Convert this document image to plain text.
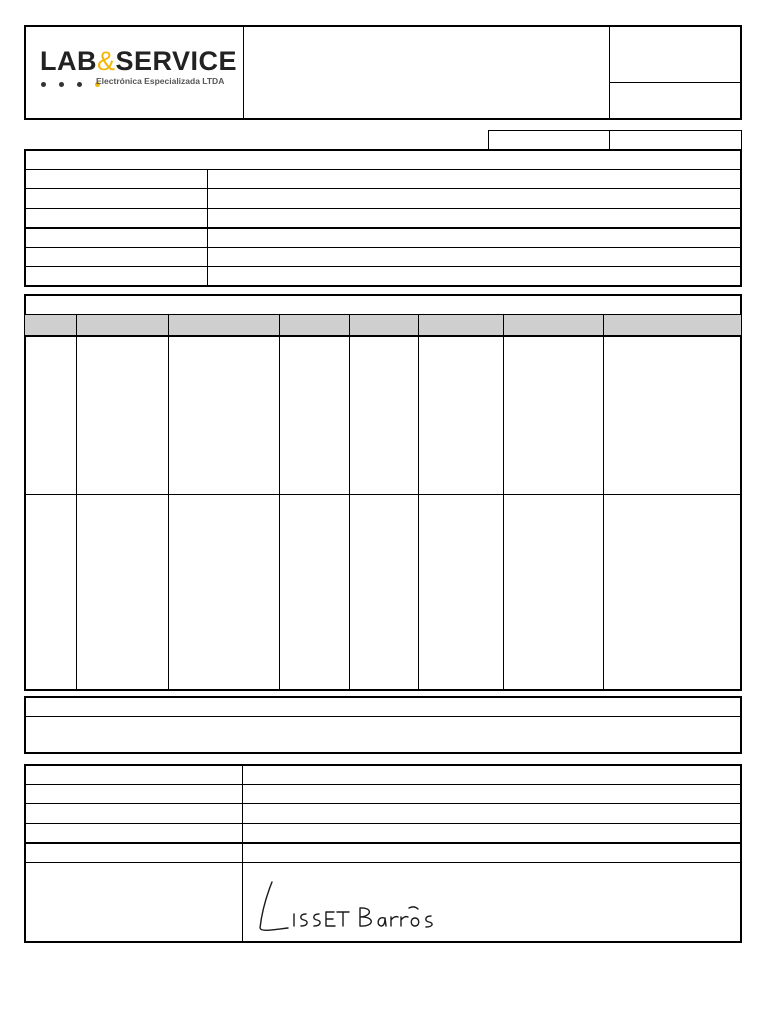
LAB&SERVICE
Electrónica Especializada LTDA
